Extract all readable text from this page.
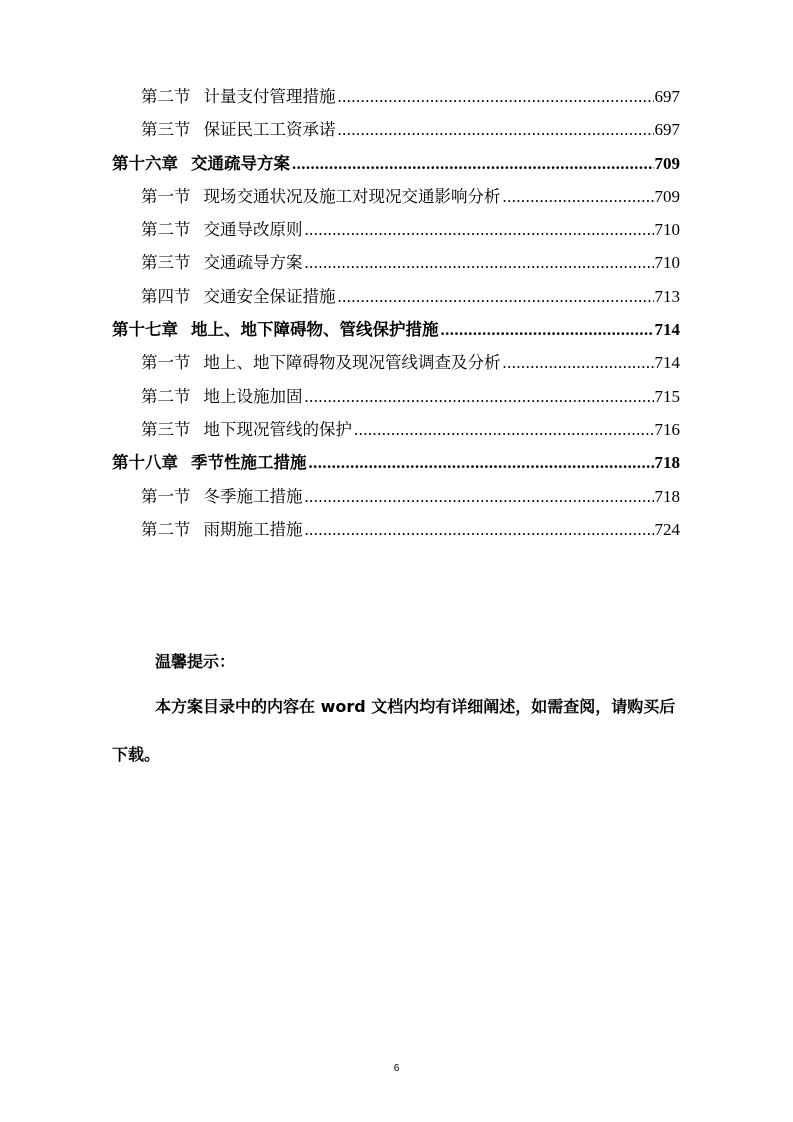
第二节 计量支付管理措施 .....	697
第三节 保证民工工资承诺 .....	697
第十六章 交通疏导方案 .....	709
第一节 现场交通状况及施工对现况交通影响分析 .....	709
第二节 交通导改原则 .....	710
第三节 交通疏导方案 .....	710
第四节 交通安全保证措施 .....	713
第十七章 地上、地下障碍物、管线保护措施 .....	714
第一节 地上、地下障碍物及现况管线调查及分析 .....	714
第二节 地上设施加固 .....	715
第三节 地下现况管线的保护 .....	716
第十八章 季节性施工措施 .....	718
第一节 冬季施工措施 .....	718
第二节 雨期施工措施 .....	724

温馨提示：

本方案目录中的内容在 word 文档内均有详细阐述，如需查阅，请购买后下载。

6
